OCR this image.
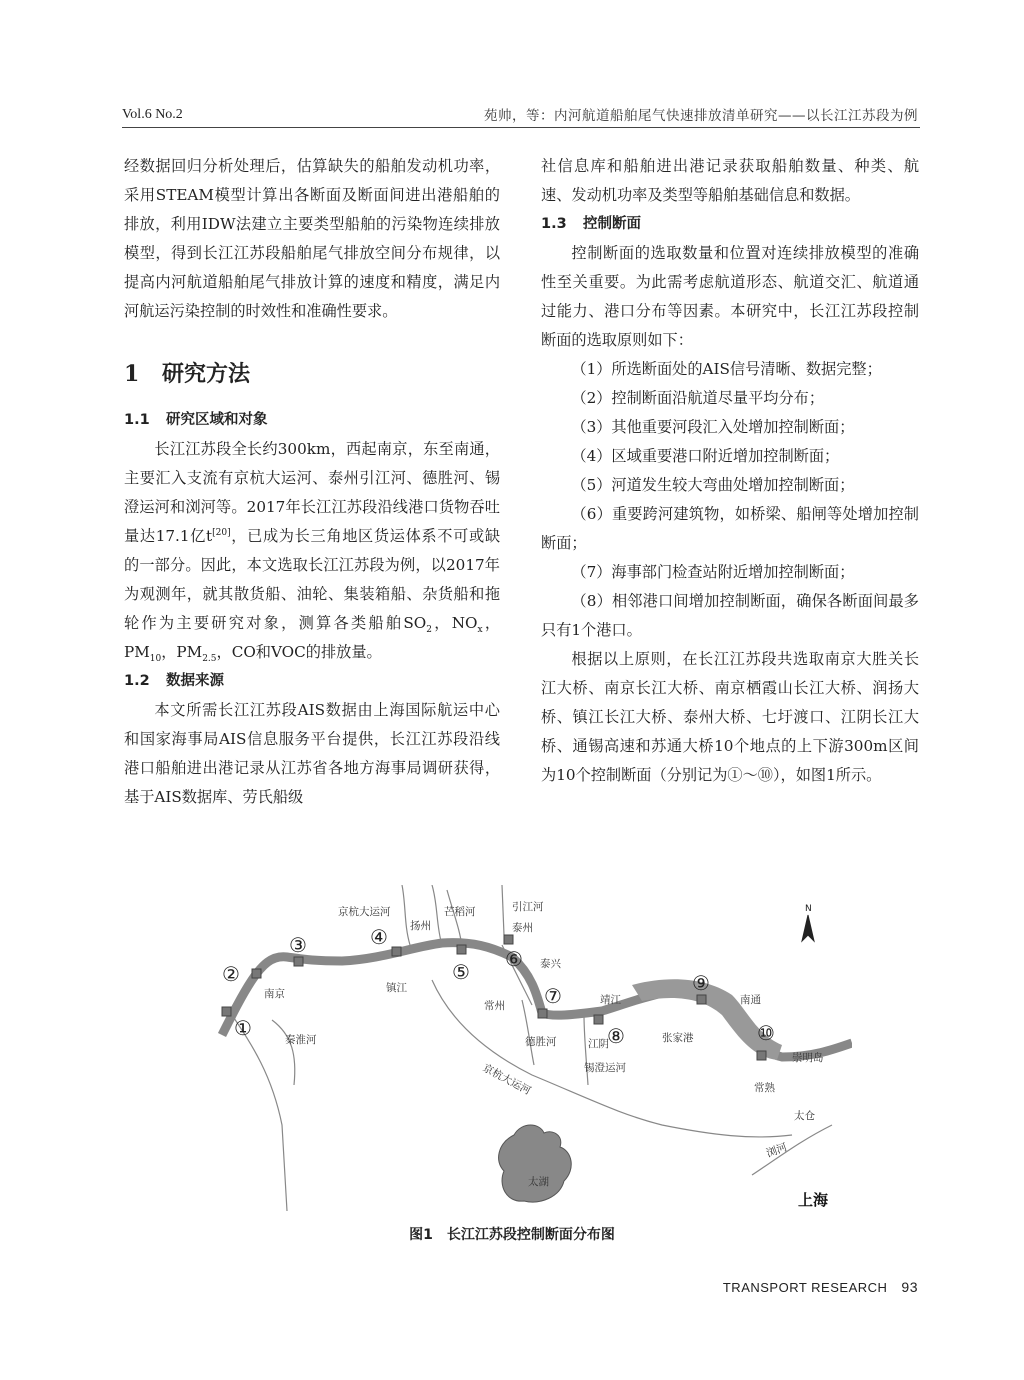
Vol.6 No.2	苑帅，等：内河航道船舶尾气快速排放清单研究——以长江江苏段为例

经数据回归分析处理后，估算缺失的船舶发动机功率，采用STEAM模型计算出各断面及断面间进出港船舶的排放，利用IDW法建立主要类型船舶的污染物连续排放模型，得到长江江苏段船舶尾气排放空间分布规律，以提高内河航道船舶尾气排放计算的速度和精度，满足内河航运污染控制的时效性和准确性要求。

1 研究方法
1.1 研究区域和对象

长江江苏段全长约300km，西起南京，东至南通，主要汇入支流有京杭大运河、泰州引江河、德胜河、锡澄运河和浏河等。2017年长江江苏段沿线港口货物吞吐量达17.1亿t[20]，已成为长三角地区货运体系不可或缺的一部分。因此，本文选取长江江苏段为例，以2017年为观测年，就其散货船、油轮、集装箱船、杂货船和拖轮作为主要研究对象，测算各类船舶$SO_2$，$NO_x$，$PM_{10}$，$PM_{2.5}$，CO和VOC的排放量。

1.2 数据来源

本文所需长江江苏段AIS数据由上海国际航运中心和国家海事局AIS信息服务平台提供，长江江苏段沿线港口船舶进出港记录从江苏省各地方海事局调研获得，基于AIS数据库、劳氏船级

社信息库和船舶进出港记录获取船舶数量、种类、航速、发动机功率及类型等船舶基础信息和数据。

1.3 控制断面

控制断面的选取数量和位置对连续排放模型的准确性至关重要。为此需考虑航道形态、航道交汇、航道通过能力、港口分布等因素。本研究中，长江江苏段控制断面的选取原则如下：

（1）所选断面处的AIS信号清晰、数据完整；

（2）控制断面沿航道尽量平均分布；

（3）其他重要河段汇入处增加控制断面；

（4）区域重要港口附近增加控制断面；

（5）河道发生较大弯曲处增加控制断面；

（6）重要跨河建筑物，如桥梁、船闸等处增加控制断面；

（7）海事部门检查站附近增加控制断面；

（8）相邻港口间增加控制断面，确保各断面间最多只有1个港口。

根据以上原则，在长江江苏段共选取南京大胜关长江大桥、南京长江大桥、南京栖霞山长江大桥、润扬大桥、镇江长江大桥、泰州大桥、七圩渡口、江阴长江大桥、通锡高速和苏通大桥10个地点的上下游300m区间为10个控制断面（分别记为①～⑩），如图1所示。

①
②
③	④
⑤
⑥
⑦
⑧
⑨
⑩
京杭大运河	芒稻河	引江河
扬州	泰州
泰兴
南京	镇江
常州	靖江	南通
张家港
江阴
崇明岛
常熟
太仓
秦淮河	德胜河
锡澄运河
京杭大运河
浏河
太湖
上海
N
图1　长江江苏段控制断面分布图
TRANSPORT RESEARCH 93
